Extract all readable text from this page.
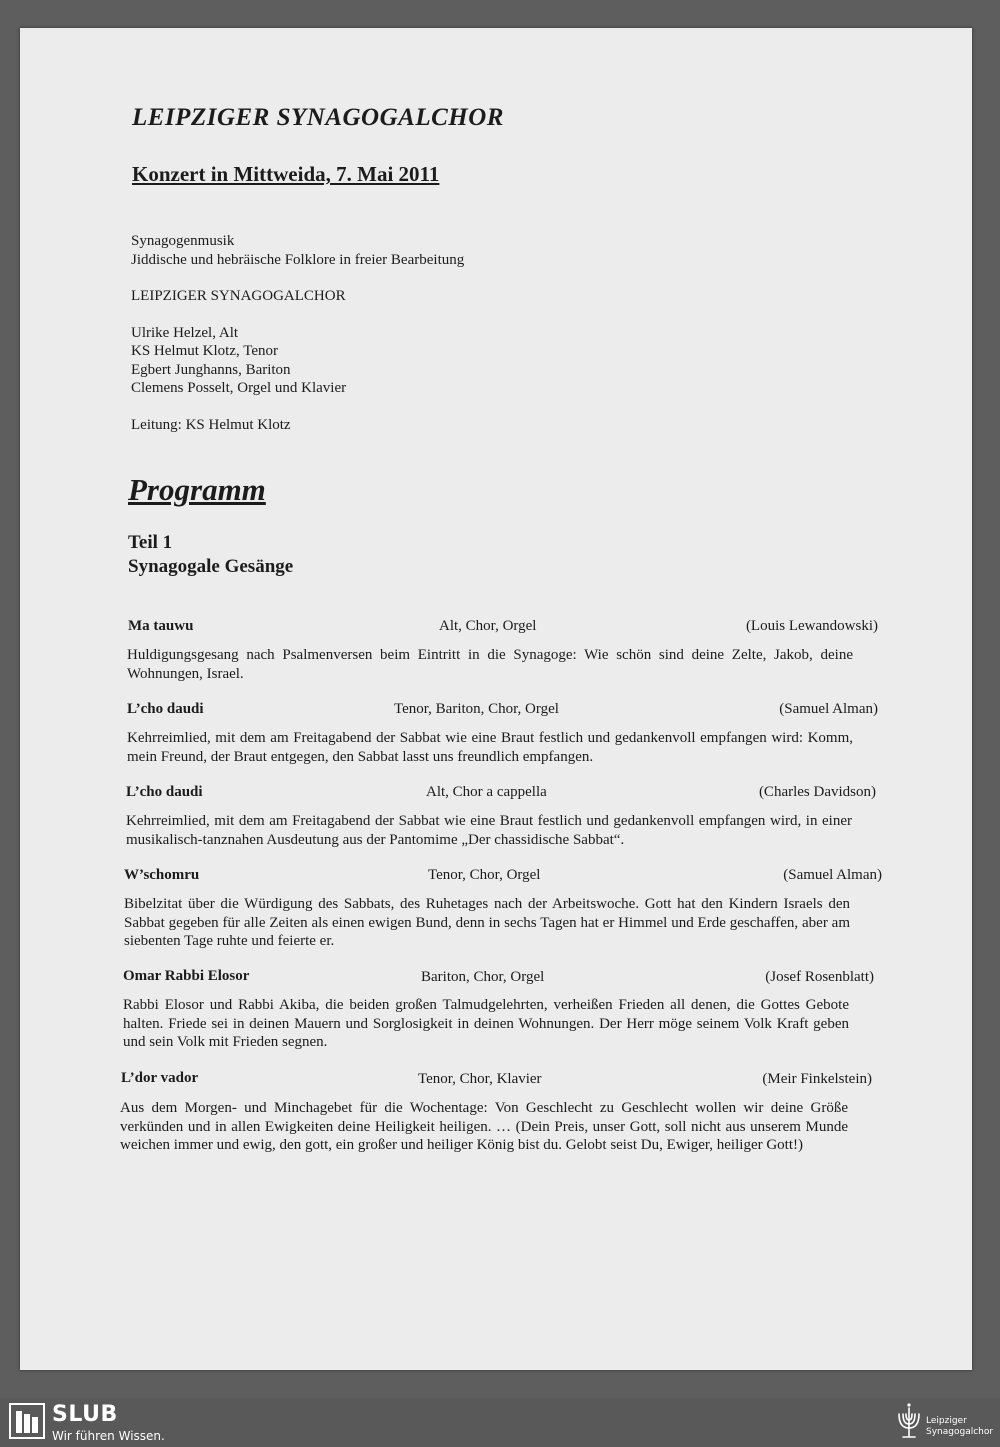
LEIPZIGER SYNAGOGALCHOR
Konzert in Mittweida, 7. Mai 2011
Synagogenmusik
Jiddische und hebräische Folklore in freier Bearbeitung
LEIPZIGER SYNAGOGALCHOR
Ulrike Helzel, Alt
KS Helmut Klotz, Tenor
Egbert Junghanns, Bariton
Clemens Posselt, Orgel und Klavier
Leitung: KS Helmut Klotz
Programm
Teil 1
Synagogale Gesänge
Ma tauwu	Alt, Chor, Orgel	(Louis Lewandowski)
Huldigungsgesang nach Psalmenversen beim Eintritt in die Synagoge: Wie schön sind deine Zelte, Jakob, deine Wohnungen, Israel.
L’cho daudi	Tenor, Bariton, Chor, Orgel	(Samuel Alman)
Kehrreimlied, mit dem am Freitagabend der Sabbat wie eine Braut festlich und gedankenvoll empfangen wird: Komm, mein Freund, der Braut entgegen, den Sabbat lasst uns freundlich empfangen.
L’cho daudi	Alt, Chor a cappella	(Charles Davidson)
Kehrreimlied, mit dem am Freitagabend der Sabbat wie eine Braut festlich und gedankenvoll empfangen wird, in einer musikalisch-tanznahen Ausdeutung aus der Pantomime „Der chassidische Sabbat“.
W’schomru	Tenor, Chor, Orgel	(Samuel Alman)
Bibelzitat über die Würdigung des Sabbats, des Ruhetages nach der Arbeitswoche. Gott hat den Kindern Israels den Sabbat gegeben für alle Zeiten als einen ewigen Bund, denn in sechs Tagen hat er Himmel und Erde geschaffen, aber am siebenten Tage ruhte und feierte er.
Omar Rabbi Elosor	Bariton, Chor, Orgel	(Josef Rosenblatt)
Rabbi Elosor und Rabbi Akiba, die beiden großen Talmudgelehrten, verheißen Frieden all denen, die Gottes Gebote halten. Friede sei in deinen Mauern und Sorglosigkeit in deinen Wohnungen. Der Herr möge seinem Volk Kraft geben und sein Volk mit Frieden segnen.
L’dor vador	Tenor, Chor, Klavier	(Meir Finkelstein)
Aus dem Morgen- und Minchagebet für die Wochentage: Von Geschlecht zu Geschlecht wollen wir deine Größe verkünden und in allen Ewigkeiten deine Heiligkeit heiligen. … (Dein Preis, unser Gott, soll nicht aus unserem Munde weichen immer und ewig, den gott, ein großer und heiliger König bist du. Gelobt seist Du, Ewiger, heiliger Gott!)
SLUB
Wir führen Wissen.
Leipziger
Synagogalchor
